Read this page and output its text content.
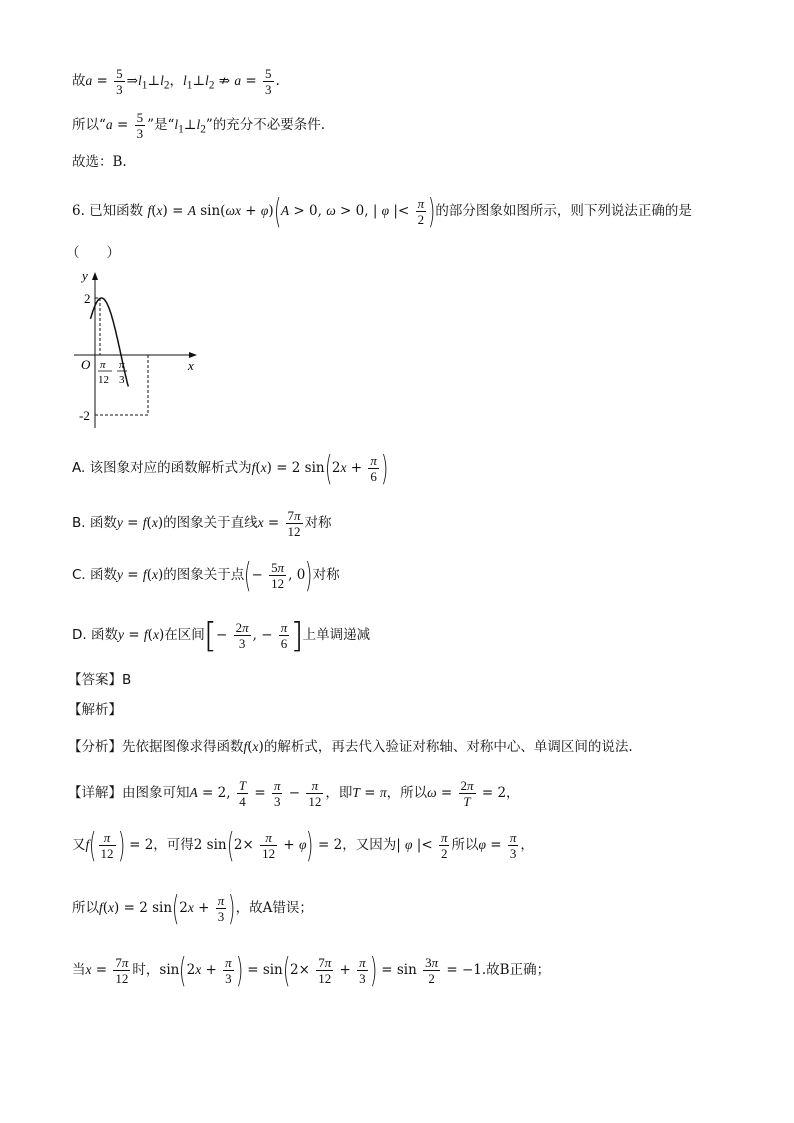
故$a = \frac{5}{3}$ $\Rightarrow l_1\perp l_2$，$l_1\perp l_2$ ⇏ $a = \frac{5}{3}$ .
所以“$a = \frac{5}{3}$ ”是“$l_1\perp l_2$”的充分不必要条件.
故选：B.
6. 已知函数 f(x) = A sin(ωx + φ)(A > 0, ω > 0, | φ |< $\frac{\pi}{2}$ )的部分图象如图所示，则下列说法正确的是
（　　）
y
x
O
2
-2
π
12
π
3
A. 该图象对应的函数解析式为f(x) = 2 $\sin(2x + \frac{\pi}{6}$ )
B. 函数y = f(x)的图象关于直线$x = \frac{7\pi}{12}$ 对称
C. 函数y = f(x)的图象关于点(− $\frac{5\pi}{12}$ , 0)对称
D. 函数y = f(x)在区间[− $\frac{2\pi}{3}$ , − $\frac{\pi}{6}$ ]上单调递减
【答案】B
【解析】
【分析】先依据图像求得函数f(x)的解析式，再去代入验证对称轴、对称中心、单调区间的说法.
【详解】由图象可知A = 2, $\frac{T}{4} = \frac{\pi}{3} - \frac{\pi}{12}$ ，即T = π，所以$\omega = \frac{2\pi}{T} = 2$，
又$f( \frac{\pi}{12}$ ) = 2，可得2 $\sin(2\times \frac{\pi}{12} + \varphi) = 2$，又因为| φ |< $\frac{\pi}{2}$ 所以$\varphi = \frac{\pi}{3}$ ，
所以f(x) = 2 $\sin(2x + \frac{\pi}{3}$ )，故A错误；
当$x = \frac{7\pi}{12}$ 时，$\sin(2x + \frac{\pi}{3}$ ) = $\sin(2\times \frac{7\pi}{12} + \frac{\pi}{3}$ ) = $\sin \frac{3\pi}{2} = -1$.故B正确；
